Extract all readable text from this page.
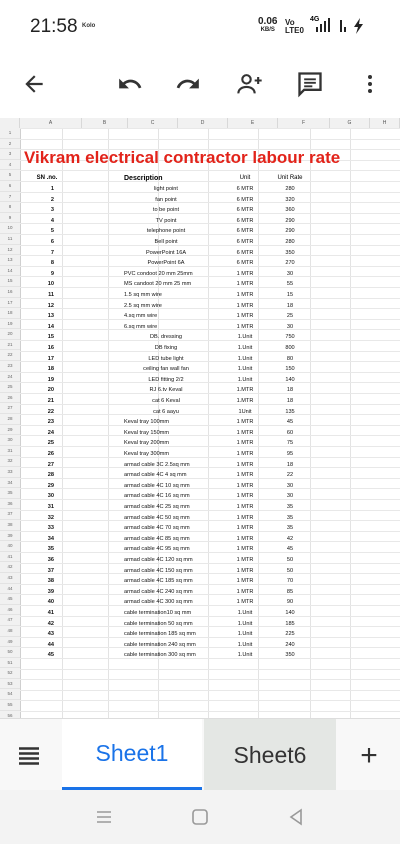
21:58 Kolo	0.06
KB/S
Vo
LTE0
4G
A	B	C	D	E	F	G	H
1
2
3
4
5
6
7
8
9
10
11
12
13
14
15
16
17
18
19
20
21
22
23
24
25
26
27
28
29
30
31
32
33
34
35
36
37
38
39
40
41
42
43
44
45
46
47
48
49
50
51
52
53
54
55
56
Vikram electrical contractor labour rate
SN .no.	Description	Unit	Unit Rate
1	light point	6 MTR	280
2	fan point	6 MTR	320
3	to be point	6 MTR	360
4	TV point	6 MTR	290
5	telephone point	6 MTR	290
6	Bell point	6 MTR	280
7	PowerPoint 16A	6 MTR	350
8	PowerPoint 6A	6 MTR	270
9	PVC condoot 20 mm 25mm	1 MTR	30
10	MS candoot 20 mm 25 mm	1 MTR	55
11	1.5 sq mm wire	1 MTR	15
12	2.5 sq mm wire	1 MTR	18
13	4.sq mm wire	1 MTR	25
14	6.sq mm wire	1 MTR	30
15	DB. dressing	1.Unit	750
16	DB fixing	1.Unit	800
17	LED tube light	1.Unit	80
18	ceiling fan wall fan	1.Unit	150
19	LED fitting 2/2	1.Unit	140
20	RJ 6.tv Keval	1.MTR	18
21	cat 6 Keval	1.MTR	18
22	cat 6 aayu	1Unit	135
23	Keval tray 100mm	1 MTR	45
24	Keval tray 150mm	1 MTR	60
25	Keval tray 200mm	1 MTR	75
26	Keval tray 300mm	1 MTR	95
27	armad cable 3C 2.5sq mm	1 MTR	18
28	armad cable 4C 4 sq mm	1 MTR	22
29	armad cable 4C 10 sq mm	1 MTR	30
30	armad cable 4C 16 sq mm	1 MTR	30
31	armad cable 4C 25 sq mm	1 MTR	35
32	armad cable 4C 50 sq mm	1 MTR	35
33	armad cable 4C 70 sq mm	1 MTR	35
34	armad cable 4C 85 sq mm	1 MTR	42
35	armad cable 4C 95 sq mm	1 MTR	45
36	armad cable 4C 120 sq mm	1 MTR	50
37	armad cable 4C 150 sq mm	1 MTR	50
38	armad cable 4C 185 sq mm	1 MTR	70
39	armad cable 4C 240 sq mm	1 MTR	85
40	armad cable 4C 300 sq mm	1 MTR	90
41	cable termination10 sq mm	1.Unit	140
42	cable termination 50 sq mm	1.Unit	185
43	cable termination 185 sq mm	1.Unit	225
44	cable termination 240 sq mm	1.Unit	240
45	cable termination 300 sq mm	1.Unit	350
Sheet1	Sheet6	+
